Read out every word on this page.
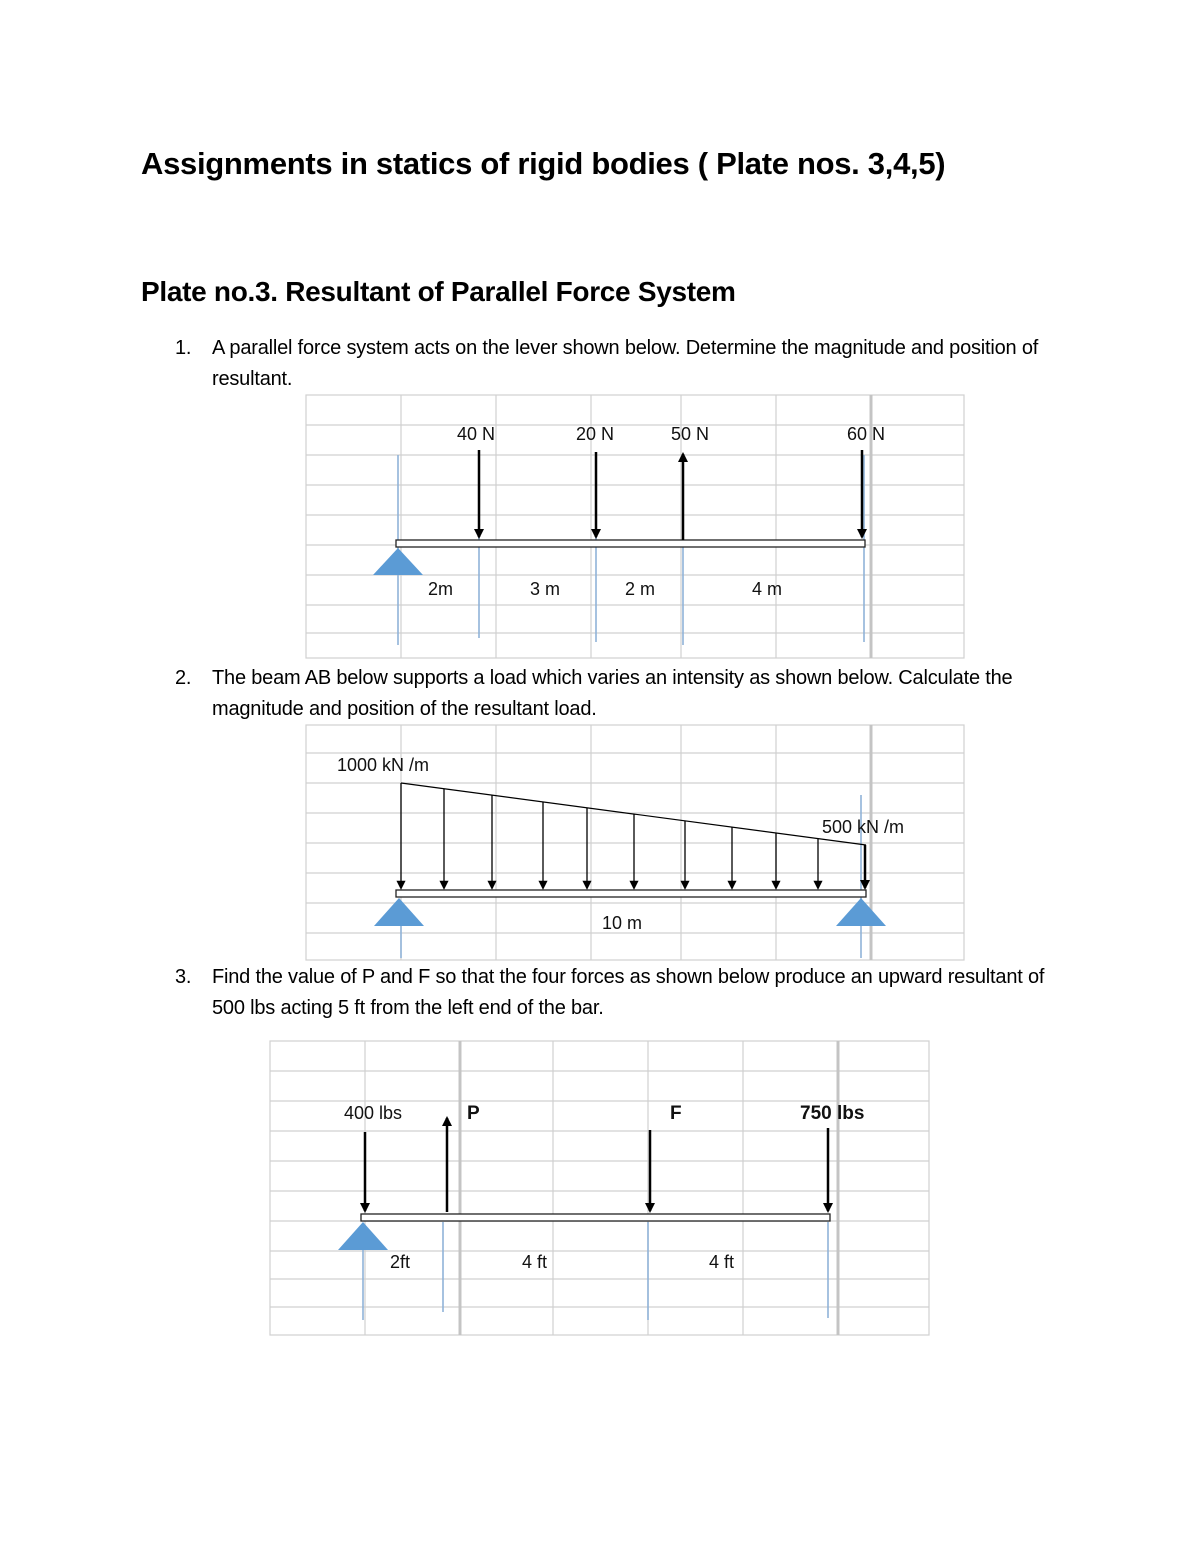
Assignments in statics of rigid bodies ( Plate nos. 3,4,5)
Plate no.3. Resultant of Parallel Force System
1. A parallel force system acts on the lever shown below. Determine the magnitude and position of resultant.
2. The beam AB below supports a load which varies an intensity as shown below. Calculate the magnitude and position of the resultant load.
3. Find the value of P and F so that the four forces as shown below produce an upward resultant of 500 lbs acting 5 ft from the left end of the bar.
40 N	20 N	50 N	60 N
2m	3 m	2 m	4 m
1000 kN /m
500 kN /m
10 m
400 lbs	P	F	750 lbs
2ft	4 ft	4 ft
